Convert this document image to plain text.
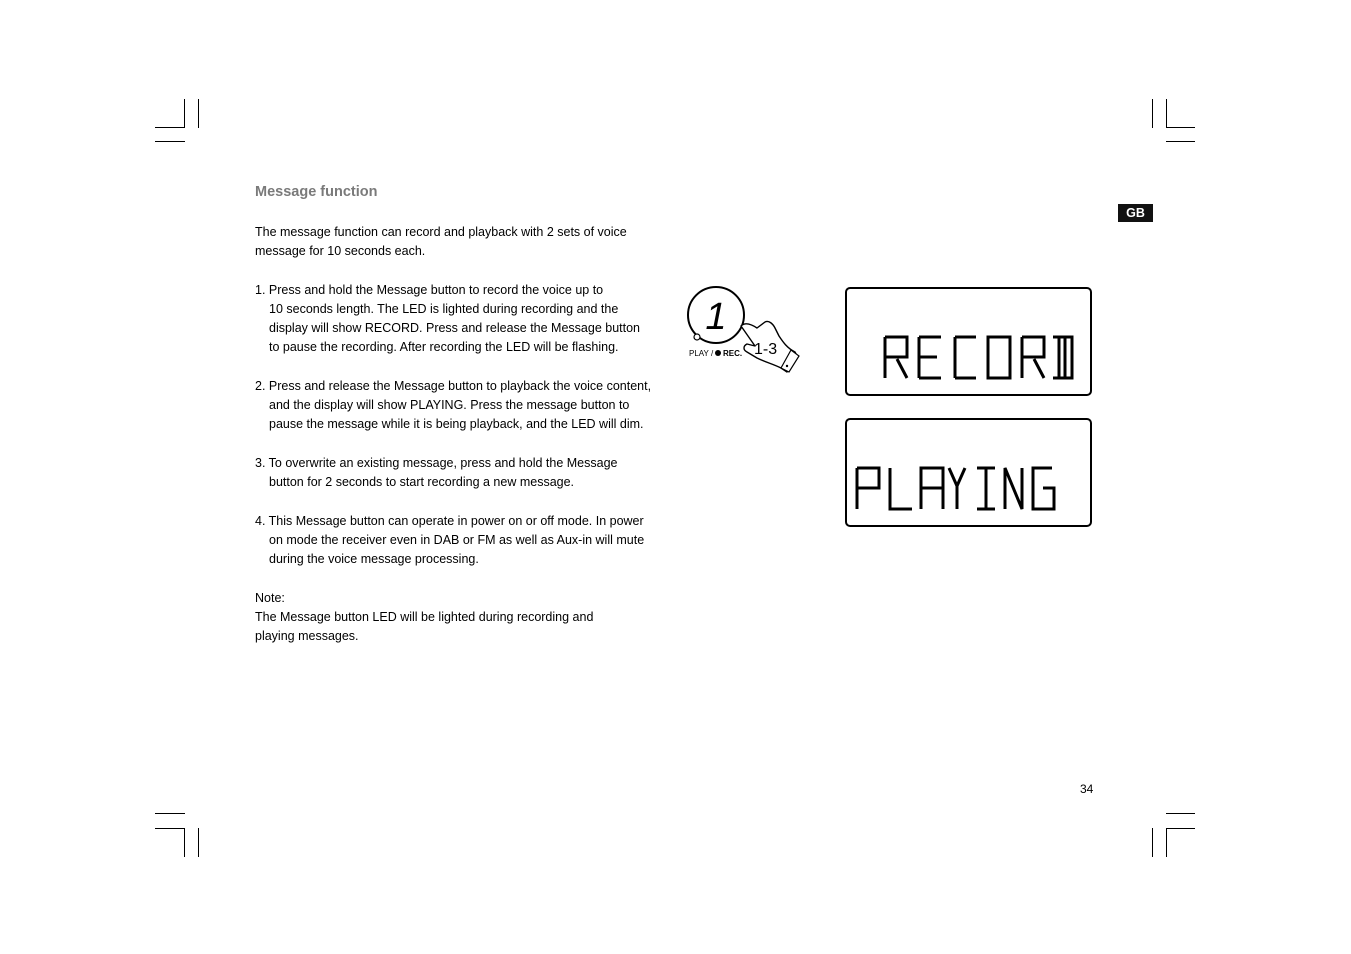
Message function
The message function can record and playback with 2 sets of voice
message for 10 seconds each.
1. Press and hold the Message button to record the voice up to
10 seconds length. The LED is lighted during recording and the
display will show RECORD. Press and release the Message button
to pause the recording. After recording the LED will be flashing.
2. Press and release the Message button to playback the voice content,
and the display will show PLAYING. Press the message button to
pause the message while it is being playback, and the LED will dim.
3. To overwrite an existing message, press and hold the Message
button for 2 seconds to start recording a new message.
4. This Message button can operate in power on or off mode. In power
on mode the receiver even in DAB or FM as well as Aux-in will mute
during the voice message processing.
Note:
The Message button LED will be lighted during recording and
playing messages.
GB
34
1
PLAY / REC. 1-3
